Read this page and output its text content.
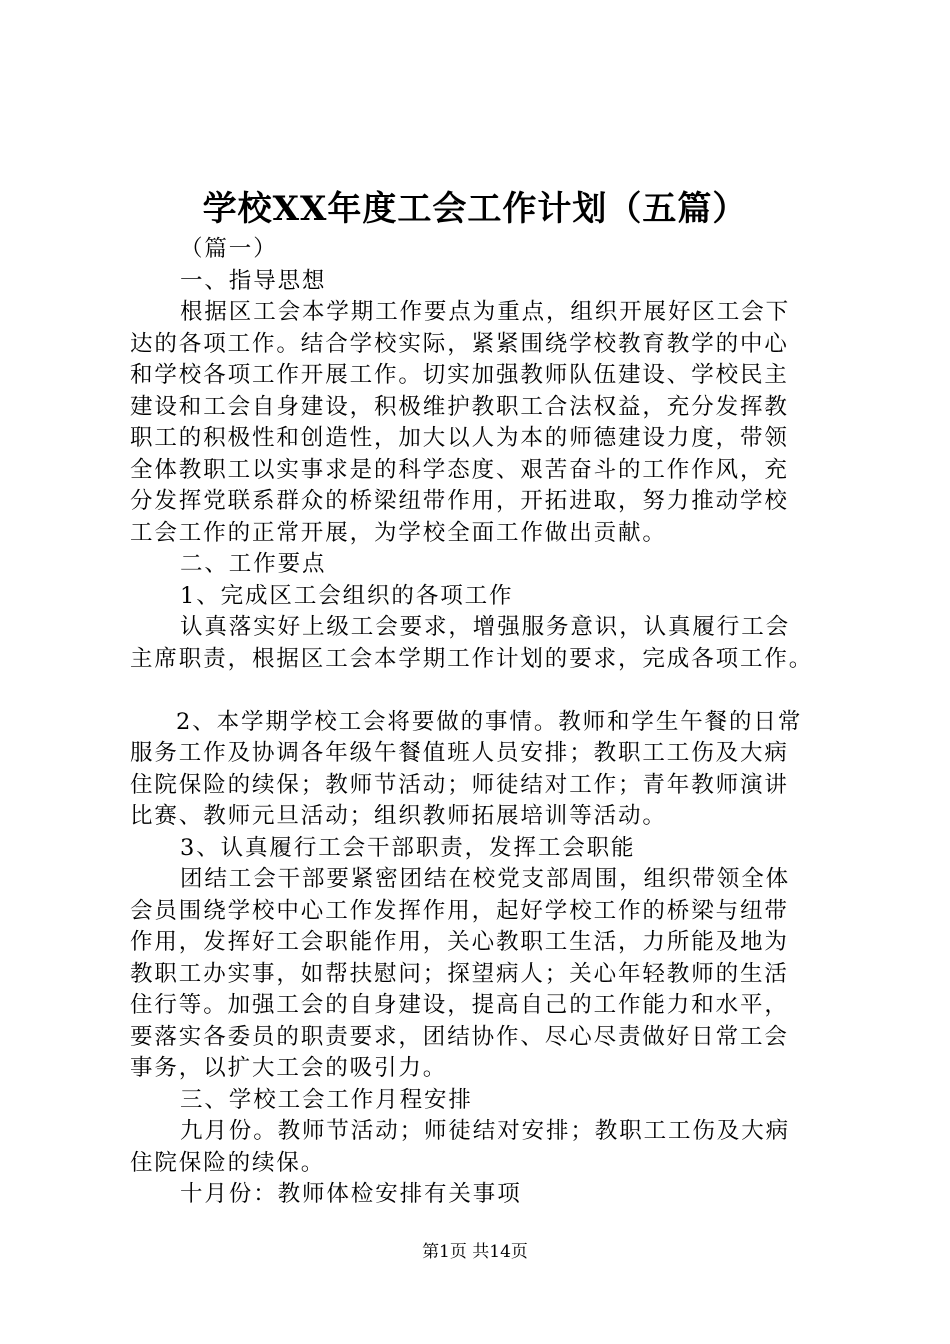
学校XX年度工会工作计划（五篇）
（篇一）
一、指导思想
根据区工会本学期工作要点为重点，组织开展好区工会下
达的各项工作。结合学校实际，紧紧围绕学校教育教学的中心
和学校各项工作开展工作。切实加强教师队伍建设、学校民主
建设和工会自身建设，积极维护教职工合法权益，充分发挥教
职工的积极性和创造性，加大以人为本的师德建设力度，带领
全体教职工以实事求是的科学态度、艰苦奋斗的工作作风，充
分发挥党联系群众的桥梁纽带作用，开拓进取，努力推动学校
工会工作的正常开展，为学校全面工作做出贡献。
二、工作要点
1、完成区工会组织的各项工作
认真落实好上级工会要求，增强服务意识，认真履行工会
主席职责，根据区工会本学期工作计划的要求，完成各项工作。
2、本学期学校工会将要做的事情。教师和学生午餐的日常
服务工作及协调各年级午餐值班人员安排；教职工工伤及大病
住院保险的续保；教师节活动；师徒结对工作；青年教师演讲
比赛、教师元旦活动；组织教师拓展培训等活动。
3、认真履行工会干部职责，发挥工会职能
团结工会干部要紧密团结在校党支部周围，组织带领全体
会员围绕学校中心工作发挥作用，起好学校工作的桥梁与纽带
作用，发挥好工会职能作用，关心教职工生活，力所能及地为
教职工办实事，如帮扶慰问；探望病人；关心年轻教师的生活
住行等。加强工会的自身建设，提高自己的工作能力和水平，
要落实各委员的职责要求，团结协作、尽心尽责做好日常工会
事务，以扩大工会的吸引力。
三、学校工会工作月程安排
九月份。教师节活动；师徒结对安排；教职工工伤及大病
住院保险的续保。
十月份：教师体检安排有关事项
第1页 共14页
